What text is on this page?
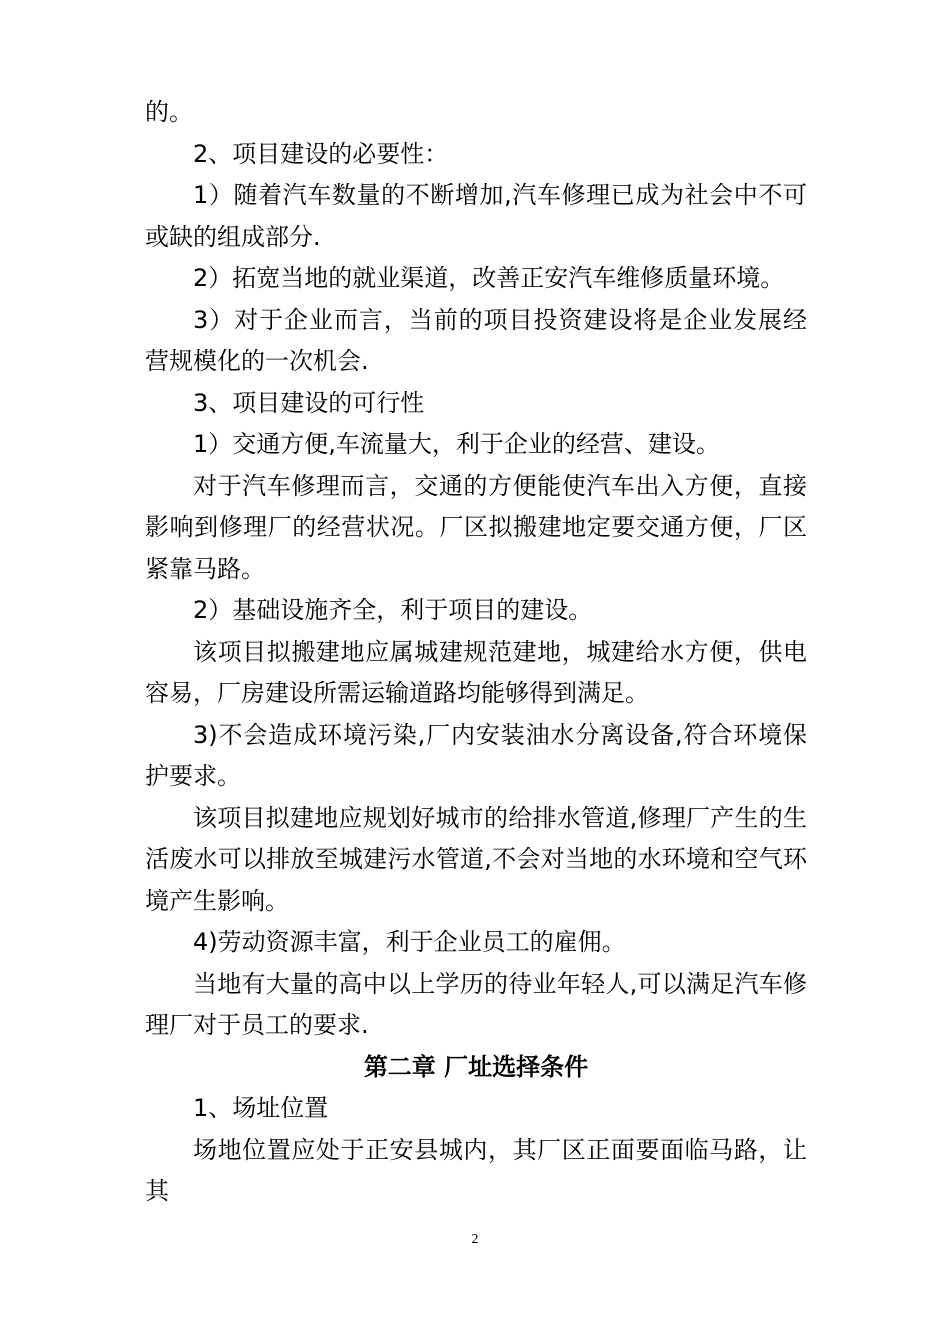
的。

2、项目建设的必要性：

1）随着汽车数量的不断增加,汽车修理已成为社会中不可或缺的组成部分.

2）拓宽当地的就业渠道，改善正安汽车维修质量环境。

3）对于企业而言，当前的项目投资建设将是企业发展经营规模化的一次机会.

3、项目建设的可行性

1）交通方便,车流量大，利于企业的经营、建设。

对于汽车修理而言，交通的方便能使汽车出入方便，直接影响到修理厂的经营状况。厂区拟搬建地定要交通方便，厂区紧靠马路。

2）基础设施齐全，利于项目的建设。

该项目拟搬建地应属城建规范建地，城建给水方便，供电容易，厂房建设所需运输道路均能够得到满足。

3)不会造成环境污染,厂内安装油水分离设备,符合环境保护要求。

该项目拟建地应规划好城市的给排水管道,修理厂产生的生活废水可以排放至城建污水管道,不会对当地的水环境和空气环境产生影响。

4)劳动资源丰富，利于企业员工的雇佣。

当地有大量的高中以上学历的待业年轻人,可以满足汽车修理厂对于员工的要求.

第二章 厂址选择条件

1、场址位置

场地位置应处于正安县城内，其厂区正面要面临马路，让其

2
